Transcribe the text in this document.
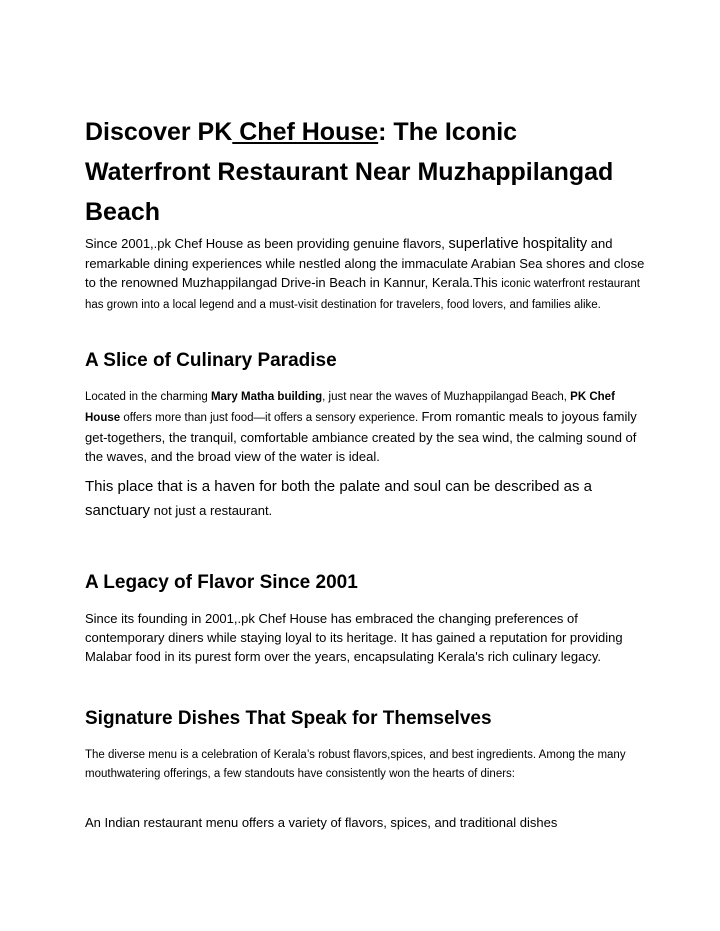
Discover PK Chef House: The Iconic Waterfront Restaurant Near Muzhappilangad Beach

Since 2001,.pk Chef House as been providing genuine flavors, superlative hospitality and remarkable dining experiences while nestled along the immaculate Arabian Sea shores and close to the renowned Muzhappilangad Drive-in Beach in Kannur, Kerala.This iconic waterfront restaurant has grown into a local legend and a must-visit destination for travelers, food lovers, and families alike.

A Slice of Culinary Paradise

Located in the charming Mary Matha building, just near the waves of Muzhappilangad Beach, PK Chef House offers more than just food—it offers a sensory experience. From romantic meals to joyous family get-togethers, the tranquil, comfortable ambiance created by the sea wind, the calming sound of the waves, and the broad view of the water is ideal.

This place that is a haven for both the palate and soul can be described as a sanctuary not just a restaurant.

A Legacy of Flavor Since 2001

Since its founding in 2001,.pk Chef House has embraced the changing preferences of contemporary diners while staying loyal to its heritage. It has gained a reputation for providing Malabar food in its purest form over the years, encapsulating Kerala's rich culinary legacy.

Signature Dishes That Speak for Themselves

The diverse menu is a celebration of Kerala’s robust flavors,spices, and best ingredients. Among the many mouthwatering offerings, a few standouts have consistently won the hearts of diners:

An Indian restaurant menu offers a variety of flavors, spices, and traditional dishes
